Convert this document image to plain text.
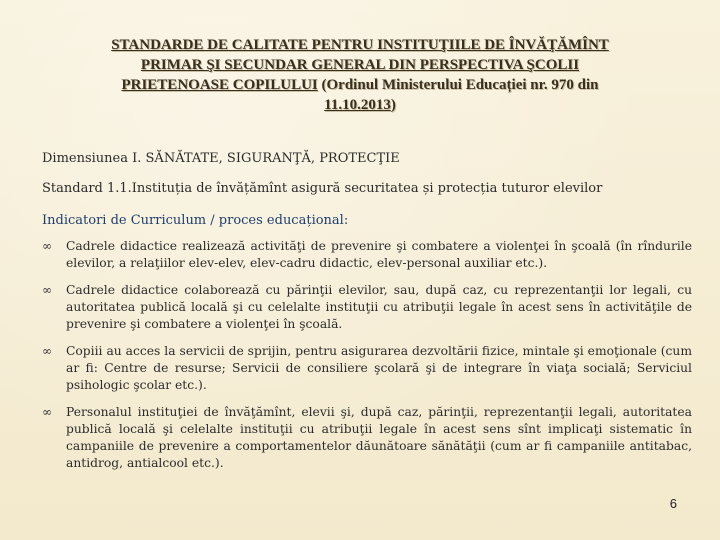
STANDARDE DE CALITATE PENTRU INSTITUŢIILE DE ÎNVĂŢĂMÎNT
PRIMAR ŞI SECUNDAR GENERAL DIN PERSPECTIVA ŞCOLII
PRIETENOASE COPILULUI (Ordinul Ministerului Educației nr. 970 din
11.10.2013)
Dimensiunea I. SĂNĂTATE, SIGURANŢĂ, PROTECŢIE
Standard 1.1.Instituția de învățămînt asigură securitatea și protecția tuturor elevilor
Indicatori de Curriculum / proces educațional:
∞ Cadrele didactice realizează activităţi de prevenire şi combatere a violenţei în şcoală (în rîndurile elevilor, a relaţiilor elev-elev, elev-cadru didactic, elev-personal auxiliar etc.).
∞ Cadrele didactice colaborează cu părinţii elevilor, sau, după caz, cu reprezentanţii lor legali, cu autoritatea publică locală şi cu celelalte instituţii cu atribuţii legale în acest sens în activităţile de prevenire şi combatere a violenţei în şcoală.
∞ Copiii au acces la servicii de sprijin, pentru asigurarea dezvoltării fizice, mintale şi emoţionale (cum ar fi: Centre de resurse; Servicii de consiliere şcolară şi de integrare în viaţa socială; Serviciul psihologic şcolar etc.).
∞ Personalul instituţiei de învăţămînt, elevii şi, după caz, părinţii, reprezentanţii legali, autoritatea publică locală şi celelalte instituţii cu atribuţii legale în acest sens sînt implicaţi sistematic în campaniile de prevenire a comportamentelor dăunătoare sănătăţii (cum ar fi campaniile antitabac, antidrog, antialcool etc.).
6
